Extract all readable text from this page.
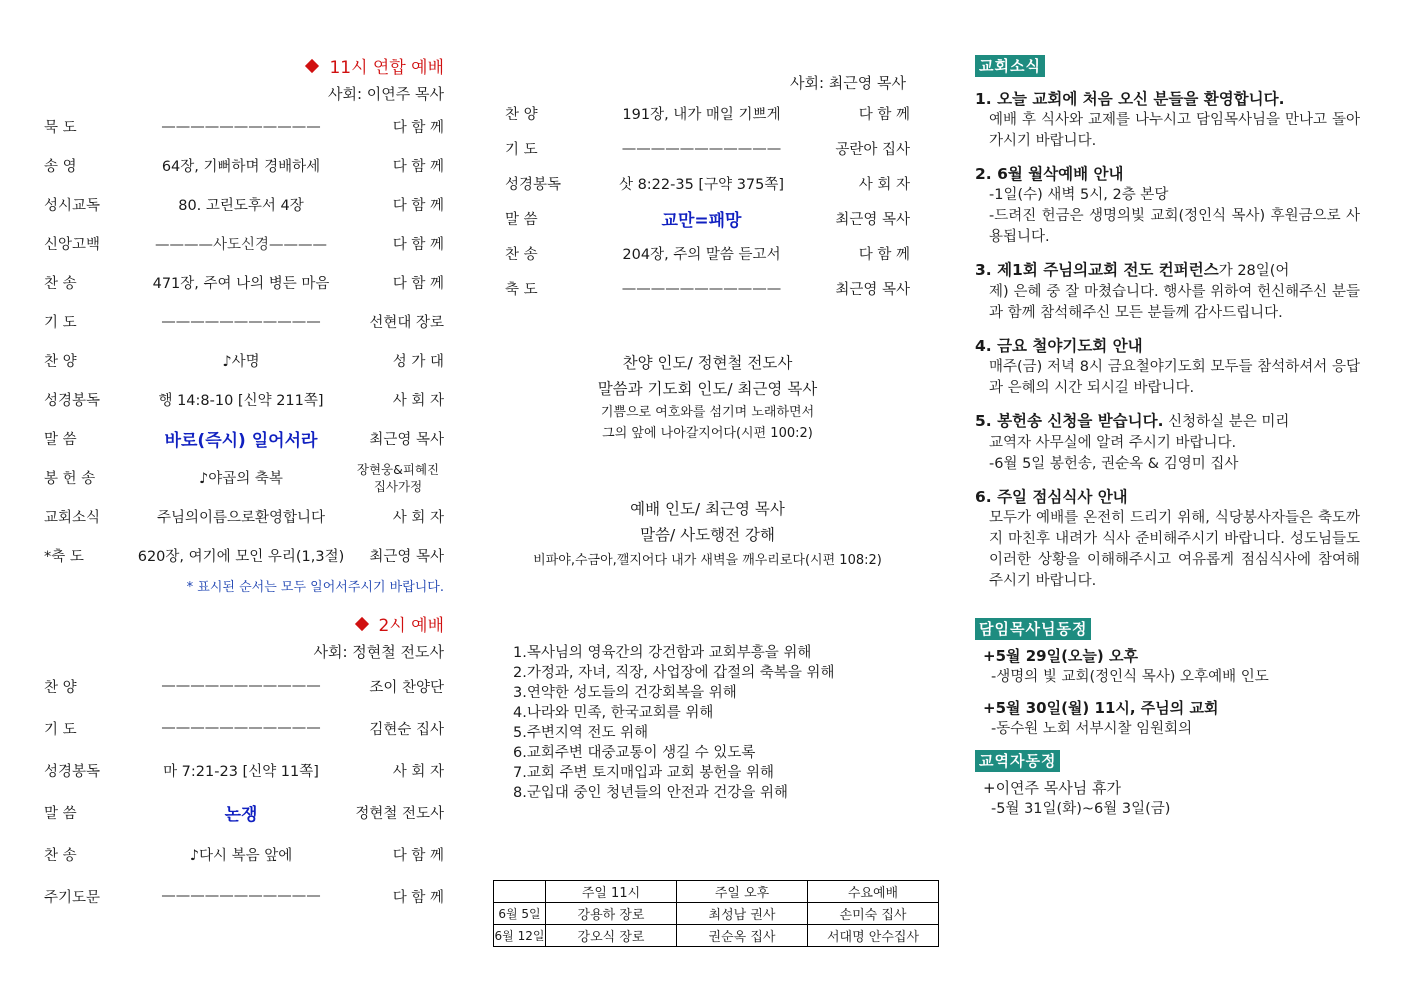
11시 연합 예배
사회: 이연주 목사
묵 도	———————————	다 함 께
송 영	64장, 기뻐하며 경배하세	다 함 께
성시교독	80. 고린도후서 4장	다 함 께
신앙고백	————사도신경————	다 함 께
찬 송	471장, 주여 나의 병든 마음	다 함 께
기 도	———————————	선현대 장로
찬 양	♪사명	성 가 대
성경봉독	행 14:8-10 [신약 211쪽]	사 회 자
말 씀	바로(즉시) 일어서라	최근영 목사
봉 헌 송	♪야곱의 축복
장현웅&피혜진 집사가정
교회소식	주님의이름으로환영합니다	사 회 자
*축 도	620장, 여기에 모인 우리(1,3절)	최근영 목사
* 표시된 순서는 모두 일어서주시기 바랍니다.
2시 예배
사회: 정현철 전도사
찬 양	———————————	조이 찬양단
기 도	———————————	김현순 집사
성경봉독	마 7:21-23 [신약 11쪽]	사 회 자
말 씀	논쟁	정현철 전도사
찬 송	♪다시 복음 앞에	다 함 께
주기도문	———————————	다 함 께
사회: 최근영 목사
찬 양	191장, 내가 매일 기쁘게	다 함 께
기 도	———————————	공란아 집사
성경봉독	삿 8:22-35 [구약 375쪽]	사 회 자
말 씀	교만=패망	최근영 목사
찬 송	204장, 주의 말씀 듣고서	다 함 께
축 도	———————————	최근영 목사
찬양 인도/ 정현철 전도사
말씀과 기도회 인도/ 최근영 목사
기쁨으로 여호와를 섬기며 노래하면서
그의 앞에 나아갈지어다(시편 100:2)
예배 인도/ 최근영 목사
말씀/ 사도행전 강해
비파야,수금아,깰지어다 내가 새벽을 깨우리로다(시편 108:2)
1.목사님의 영육간의 강건함과 교회부흥을 위해
2.가정과, 자녀, 직장, 사업장에 갑절의 축복을 위해
3.연약한 성도들의 건강회복을 위해
4.나라와 민족, 한국교회를 위해
5.주변지역 전도 위해
6.교회주변 대중교통이 생길 수 있도록
7.교회 주변 토지매입과 교회 봉헌을 위해
8.군입대 중인 청년들의 안전과 건강을 위해
	주일 11시	주일 오후	수요예배
6월 5일	강용하 장로	최성남 권사	손미숙 집사
6월 12일	강오식 장로	권순옥 집사	서대명 안수집사
교회소식
1. 오늘 교회에 처음 오신 분들을 환영합니다.
예배 후 식사와 교제를 나누시고 담임목사님을 만나고 돌아가시기 바랍니다.
2. 6월 월삭예배 안내
-1일(수) 새벽 5시, 2층 본당
-드려진 헌금은 생명의빛 교회(정인식 목사) 후원금으로 사용됩니다.
3. 제1회 주님의교회 전도 컨퍼런스가 28일(어
제) 은혜 중 잘 마쳤습니다. 행사를 위하여 헌신해주신 분들과 함께 참석해주신 모든 분들께 감사드립니다.
4. 금요 철야기도회 안내
매주(금) 저녁 8시 금요철야기도회 모두들 참석하셔서 응답과 은혜의 시간 되시길 바랍니다.
5. 봉헌송 신청을 받습니다. 신청하실 분은 미리
교역자 사무실에 알려 주시기 바랍니다.
-6월 5일 봉헌송, 권순옥 & 김영미 집사
6. 주일 점심식사 안내
모두가 예배를 온전히 드리기 위해, 식당봉사자들은 축도까지 마친후 내려가 식사 준비해주시기 바랍니다. 성도님들도 이러한 상황을 이해해주시고 여유롭게 점심식사에 참여해 주시기 바랍니다.
담임목사님동정
+5월 29일(오늘) 오후
-생명의 빛 교회(정인식 목사) 오후예배 인도
+5월 30일(월) 11시, 주님의 교회
-동수원 노회 서부시찰 임원회의
교역자동정
+이연주 목사님 휴가
-5월 31일(화)~6월 3일(금)
